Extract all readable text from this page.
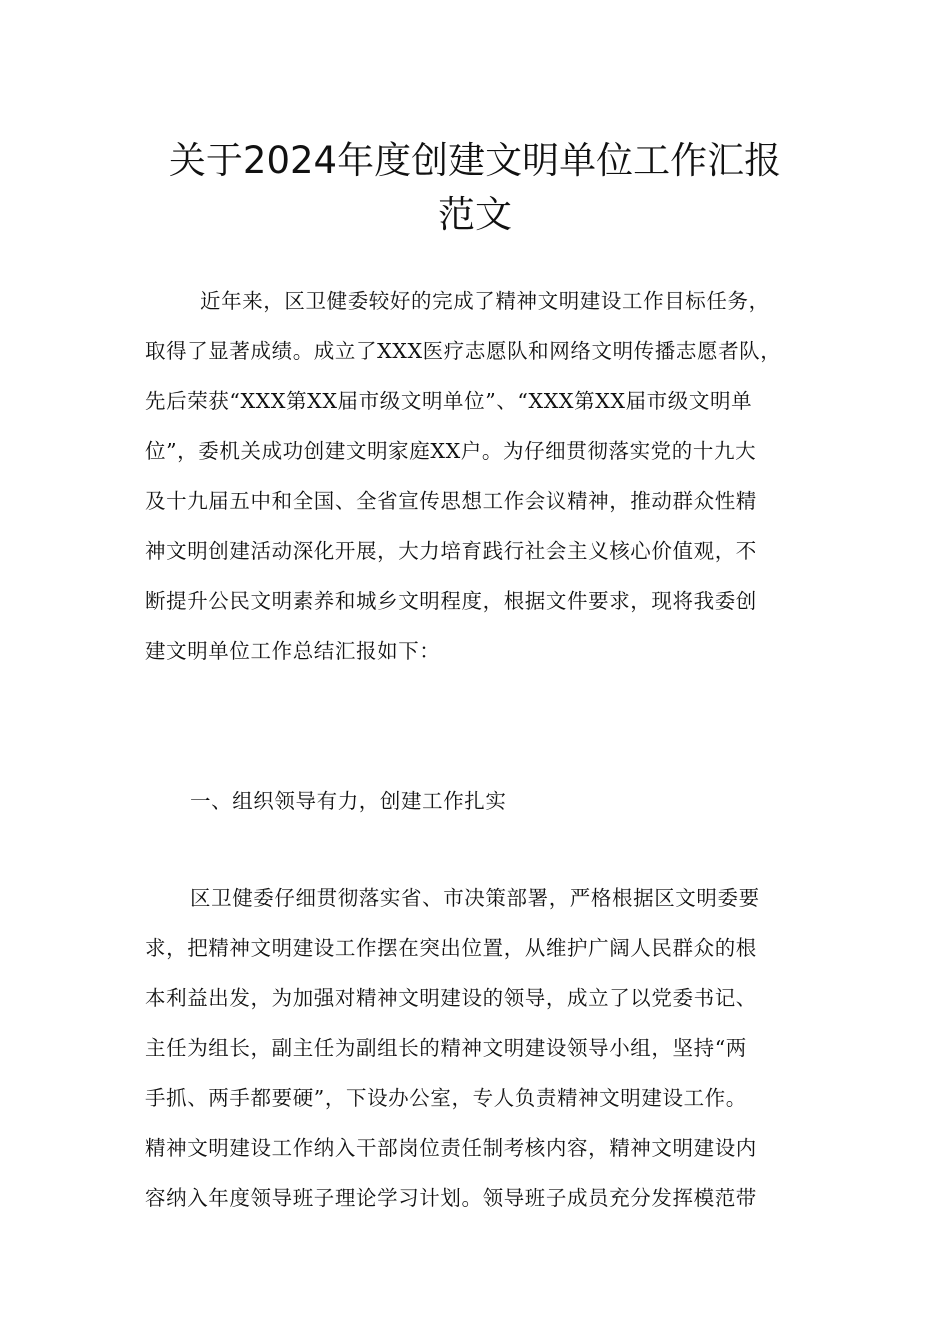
关于2024年度创建文明单位工作汇报
范文
近年来，区卫健委较好的完成了精神文明建设工作目标任务，
取得了显著成绩。成立了XXX医疗志愿队和网络文明传播志愿者队，
先后荣获“XXX第XX届市级文明单位”、“XXX第XX届市级文明单
位”，委机关成功创建文明家庭XX户。为仔细贯彻落实党的十九大
及十九届五中和全国、全省宣传思想工作会议精神，推动群众性精
神文明创建活动深化开展，大力培育践行社会主义核心价值观，不
断提升公民文明素养和城乡文明程度，根据文件要求，现将我委创
建文明单位工作总结汇报如下：
一、组织领导有力，创建工作扎实
区卫健委仔细贯彻落实省、市决策部署，严格根据区文明委要
求，把精神文明建设工作摆在突出位置，从维护广阔人民群众的根
本利益出发，为加强对精神文明建设的领导，成立了以党委书记、
主任为组长，副主任为副组长的精神文明建设领导小组，坚持“两
手抓、两手都要硬”，下设办公室，专人负责精神文明建设工作。
精神文明建设工作纳入干部岗位责任制考核内容，精神文明建设内
容纳入年度领导班子理论学习计划。领导班子成员充分发挥模范带
